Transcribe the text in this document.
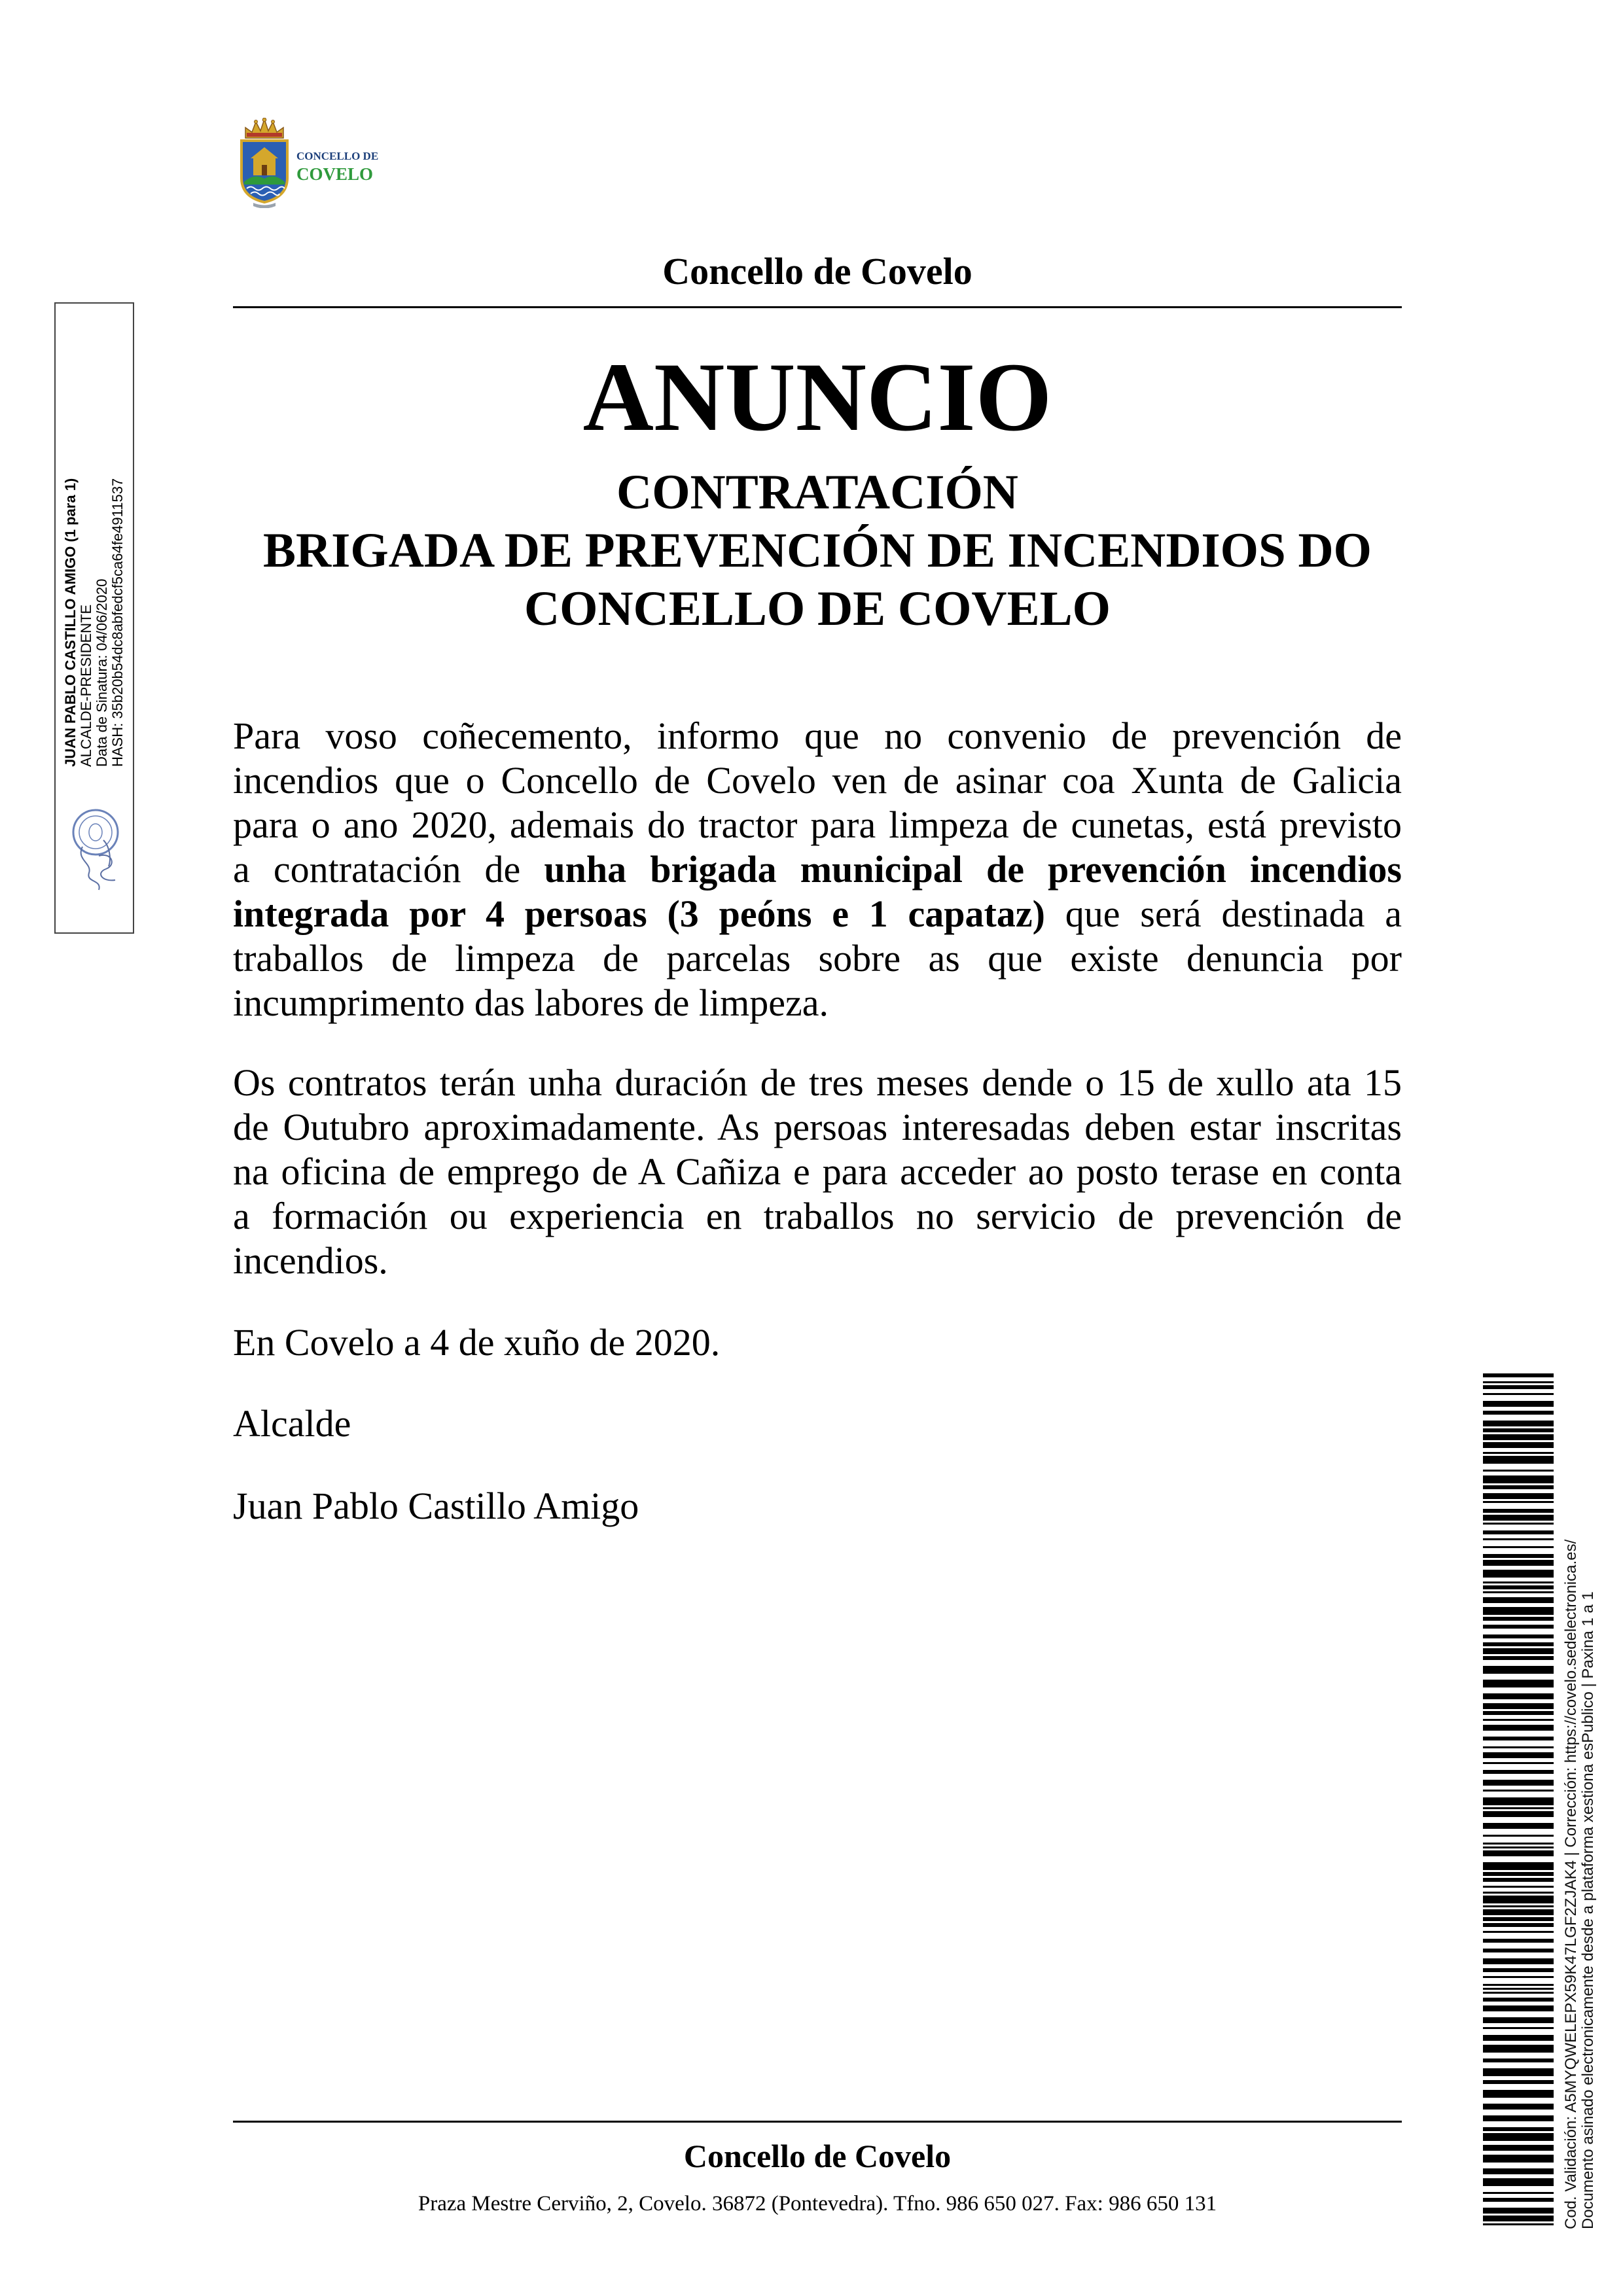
CONCELLO DE
COVELO
Concello de Covelo
ANUNCIO
CONTRATACIÓN
BRIGADA DE PREVENCIÓN DE INCENDIOS DO
CONCELLO DE COVELO
Para voso coñecemento, informo que no convenio de prevención de
incendios que o Concello de Covelo ven de asinar coa Xunta de Galicia
para o ano 2020, ademais do tractor para limpeza de cunetas, está previsto
a contratación de unha brigada municipal de prevención incendios
integrada por 4 persoas (3 peóns e 1 capataz) que será destinada a
traballos de limpeza de parcelas sobre as que existe denuncia por
incumprimento das labores de limpeza.
Os contratos terán unha duración de tres meses dende o 15 de xullo ata 15
de Outubro aproximadamente. As persoas interesadas deben estar inscritas
na oficina de emprego de A Cañiza e para acceder ao posto terase en conta
a formación ou experiencia en traballos no servicio de prevención de
incendios.
En Covelo a 4 de xuño de 2020.
Alcalde
Juan Pablo Castillo Amigo
Concello de Covelo
Praza Mestre Cerviño, 2, Covelo. 36872 (Pontevedra). Tfno. 986 650 027. Fax: 986 650 131
JUAN PABLO CASTILLO AMIGO (1 para 1) ALCALDE-PRESIDENTE Data de Sinatura: 04/06/2020 HASH: 35b20b54dc8abfedcf5ca64fe4911537
Cod. Validación: A5MYQWELEPX59K47LGF2ZJAK4 | Corrección: https://covelo.sedelectronica.es/ Documento asinado electronicamente desde a plataforma xestiona esPublico | Paxina 1 a 1
